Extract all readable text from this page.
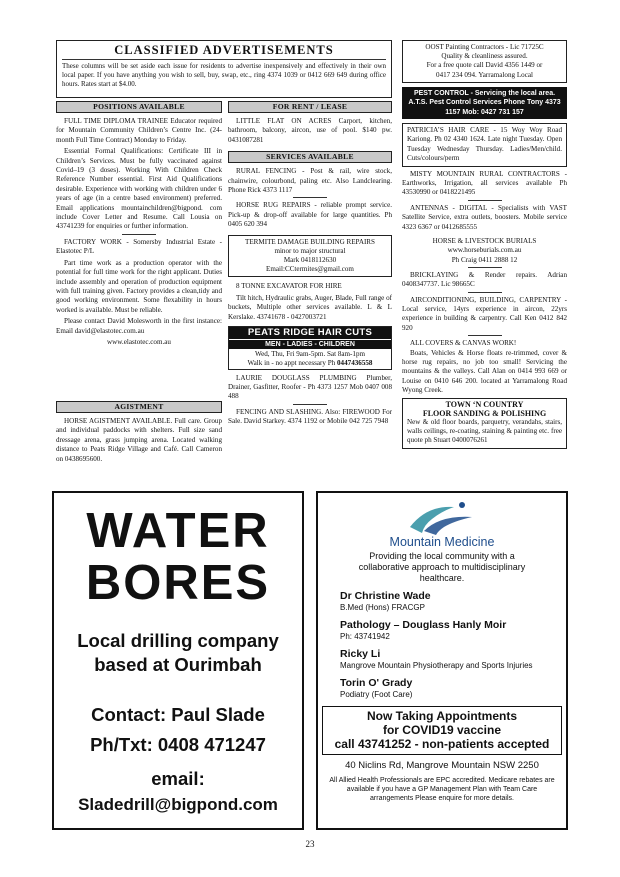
CLASSIFIED ADVERTISEMENTS

These columns will be set aside each issue for residents to advertise inexpensively and effectively in their own local paper. If you have anything you wish to sell, buy, swap, etc., ring 4374 1039 or 0412 669 649 during office hours. Rates start at $4.00.

POSITIONS AVAILABLE

FULL TIME DIPLOMA TRAINEE Educator required for Mountain Community Children’s Centre Inc. (24-month Full Time Contract) Monday to Friday.

Essential Formal Qualifications: Certificate III in Children’s Services. Must be fully vaccinated against Covid–19 (3 doses). Working With Children Check Reference Number essential. First Aid Qualifications desirable. Experience with working with children under 6 years of age (in a centre based environment) preferred. Email applications mountainchildren@bigpond. com include Cover Letter and Resume. Call Lousia on 43741239 for enquiries or further information.

FACTORY WORK - Somersby Industrial Estate - Elastotec P/L

Part time work as a production operator with the potential for full time work for the right applicant. Duties include assembly and operation of production equipment with full training given. Factory provides a clean,tidy and good working environment. Some flexability in hours worked is available. Must be reliable.

Please contact David Molesworth in the first instance: Email david@elastotec.com.au

www.elastotec.com.au

AGISTMENT

HORSE AGISTMENT AVAILABLE. Full care. Group and individual paddocks with shelters. Full size sand dressage arena, grass jumping arena. Located walking distance to Peats Ridge Village and Café. Call Cameron on 0438695600.

FOR RENT / LEASE

LITTLE FLAT ON ACRES Carport, kitchen, bathroom, balcony, aircon, use of pool. $140 pw. 0431087281

SERVICES AVAILABLE

RURAL FENCING - Post & rail, wire stock, chainwire, colourbond, paling etc. Also Landclearing. Phone Rick 4373 1117

HORSE RUG REPAIRS - reliable prompt service. Pick-up & drop-off available for large quantities. Ph 0405 620 394

TERMITE DAMAGE BUILDING REPAIRS

minor to major structural

Mark 0418112630

Email:CCtermites@gmail.com

8 TONNE EXCAVATOR FOR HIRE

Tilt hitch, Hydraulic grabs, Auger, Blade, Full range of buckets, Multiple other services available. L & L Kerslake. 43741678 - 0427003721

PEATS RIDGE HAIR CUTS
MEN - LADIES - CHILDREN

Wed, Thu, Fri 9am-5pm. Sat 8am-1pm

Walk in - no appt necessary Ph 0447436558

LAURIE DOUGLASS PLUMBING Plumber, Drainer, Gasfitter, Roofer - Ph 4373 1257 Mob 0407 008 488

FENCING AND SLASHING. Also: FIREWOOD For Sale. David Starkey. 4374 1192 or Mobile 042 725 7948

OOST Painting Contractors - Lic 71725C

Quality & cleanliness assured.

For a free quote call David 4356 1449 or

0417 234 094. Yarramalong Local

PEST CONTROL - Servicing the local area. A.T.S. Pest Control Services Phone Tony 4373 1157 Mob: 0427 731 157

PATRICIA’S HAIR CARE - 15 Woy Woy Road Kariong. Ph 02 4340 1624. Late night Tuesday. Open Tuesday Wednesday Thursday. Ladies/Men/child. Cuts/colours/perm

MISTY MOUNTAIN RURAL CONTRACTORS - Earthworks, Irrigation, all services available Ph 43530990 or 0418221495

ANTENNAS - DIGITAL - Specialists with VAST Satellite Service, extra outlets, boosters. Mobile service 4323 6367 or 0412685555

HORSE & LIVESTOCK BURIALS

www.horseburials.com.au

Ph Craig 0411 2888 12

BRICKLAYING & Render repairs. Adrian 0408347737. Lic 98665C

AIRCONDITIONING, BUILDING, CARPENTRY - Local service, 14yrs experience in aircon, 22yrs experience in building & carpentry. Call Ken 0412 842 920

ALL COVERS & CANVAS WORK!

Boats, Vehicles & Horse floats re-trimmed, cover & horse rug repairs, no job too small! Servicing the mountains & the valleys. Call Alan on 0414 993 669 or Louise on 0410 646 200. located at Yarramalong Road Wyong Creek.

TOWN ‘N COUNTRY
FLOOR SANDING & POLISHING

New & old floor boards, parquetry, verandahs, stairs, walls ceilings, re-coating, staining & painting etc. free quote ph Stuart 0400076261

WATER
BORES
Local drilling company
based at Ourimbah
Contact: Paul Slade
Ph/Txt: 0408 471247
email:
Sladedrill@bigpond.com
Mountain Medicine
Providing the local community with a collaborative approach to multidisciplinary healthcare.
Dr Christine Wade
B.Med (Hons) FRACGP
Pathology – Douglass Hanly Moir
Ph: 43741942
Ricky Li
Mangrove Mountain Physiotherapy and Sports Injuries
Torin O' Grady
Podiatry (Foot Care)
Now Taking Appointments
for COVID19 vaccine
call 43741252 - non-patients accepted
40 Niclins Rd, Mangrove Mountain NSW 2250
All Allied Health Professionals are EPC accredited. Medicare rebates are available if you have a GP Management Plan with Team Care arrangements Please enquire for more details.
23
